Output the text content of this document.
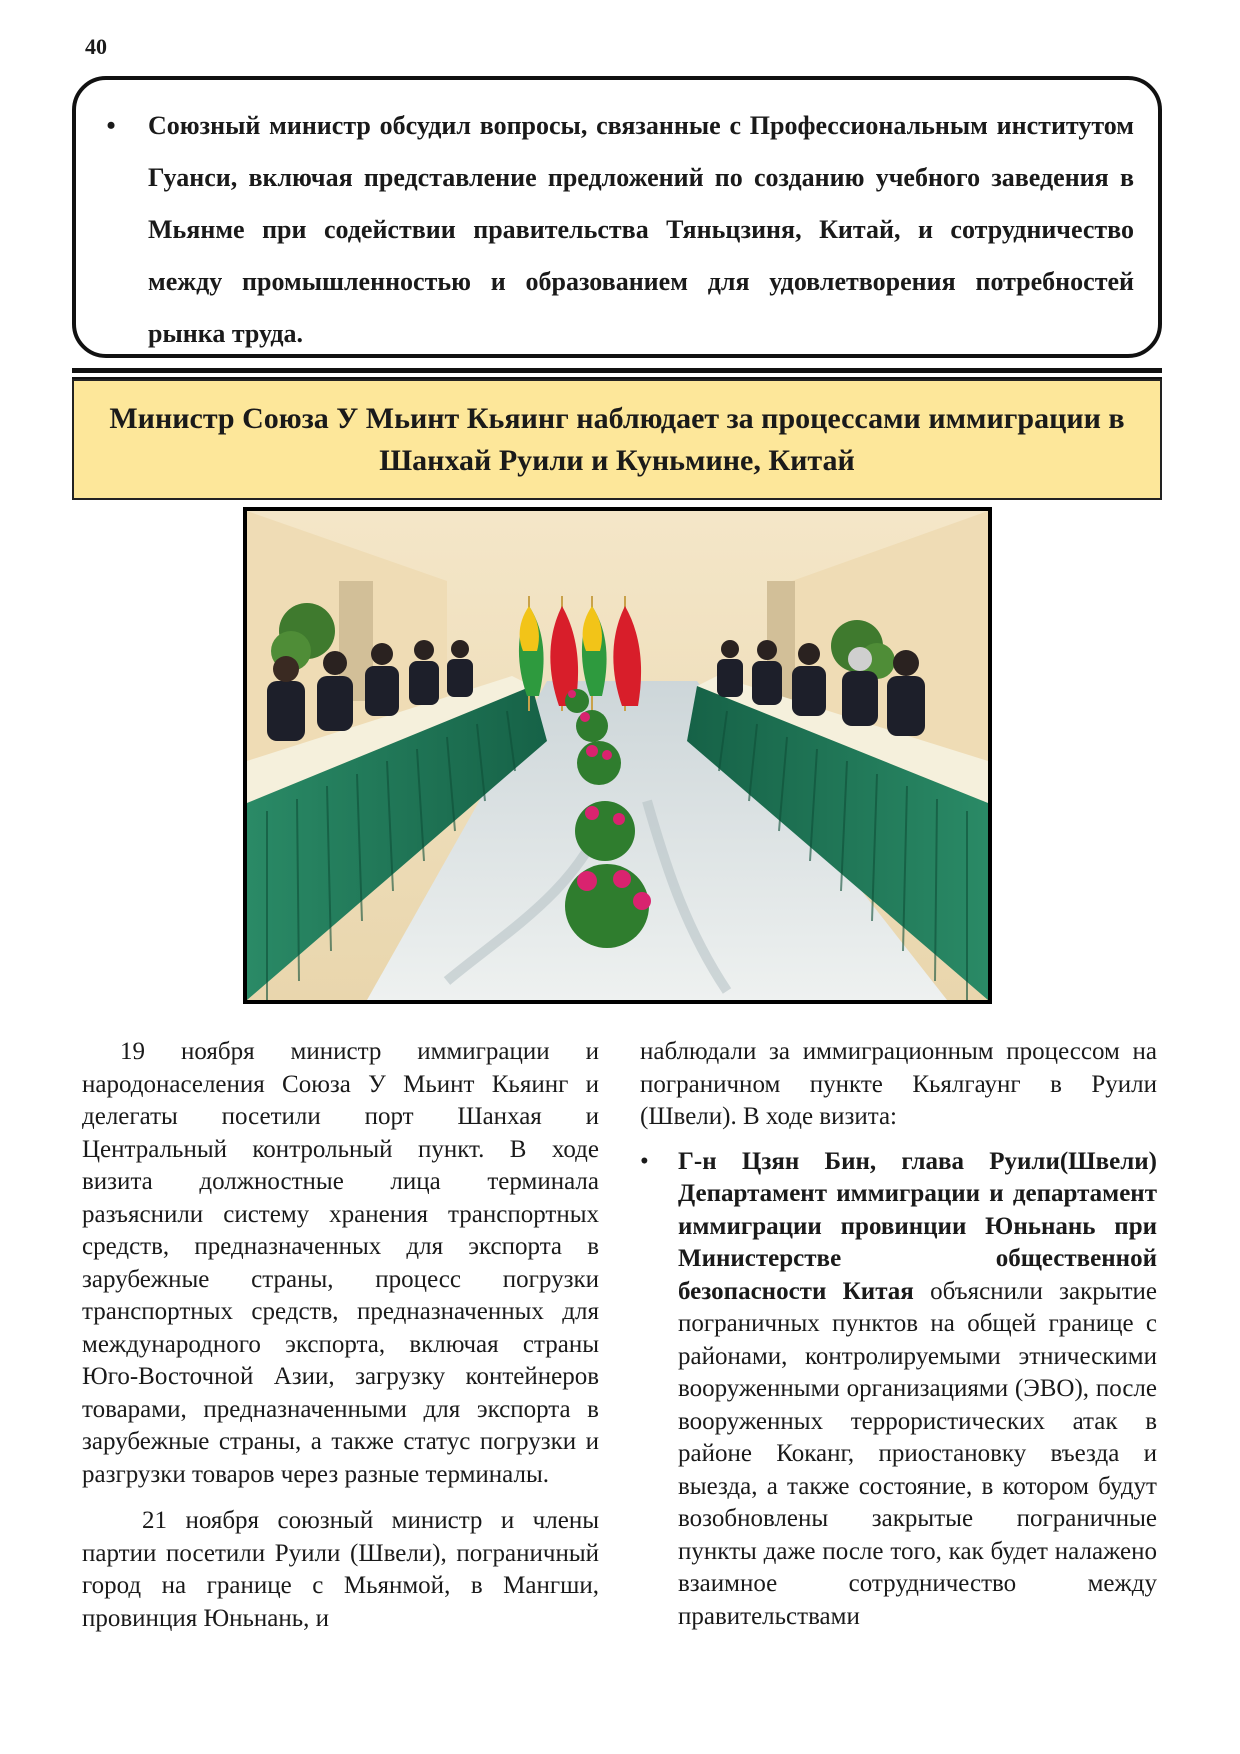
40
•	Союзный министр обсудил вопросы, связанные с Профессиональным институтом Гуанси, включая представление предложений по созданию учебного заведения в Мьянме при содействии правительства Тяньцзиня, Китай, и сотрудничество между промышленностью и образованием для удовлетворения потребностей рынка труда.
Министр Союза У Мьинт Кьяинг наблюдает за процессами иммиграции в
Шанхай Руили и Куньмине, Китай

19 ноября министр иммиграции и народонаселения Союза У Мьинт Кьяинг и делегаты посетили порт Шанхая и Центральный контрольный пункт. В ходе визита должностные лица терминала разъяснили систему хранения транспортных средств, предназначенных для экспорта в зарубежные страны, процесс погрузки транспортных средств, предназначенных для международного экспорта, включая страны Юго-Восточной Азии, загрузку контейнеров товарами, предназначенными для экспорта в зарубежные страны, а также статус погрузки и разгрузки товаров через разные терминалы.

21 ноября союзный министр и члены партии посетили Руили (Швели), пограничный город на границе с Мьянмой, в Мангши, провинция Юньнань, и

наблюдали за иммиграционным процессом на пограничном пункте Кьялгаунг в Руили (Швели). В ходе визита:

• Г-н Цзян Бин, глава Руили(Швели) Департамент иммиграции и департамент иммиграции провинции Юньнань при Министерстве общественной безопасности Китая объяснили закрытие пограничных пунктов на общей границе с районами, контролируемыми этническими вооруженными организациями (ЭВО), после вооруженных террористических атак в районе Коканг, приостановку въезда и выезда, а также состояние, в котором будут возобновлены закрытые пограничные пункты даже после того, как будет налажено взаимное сотрудничество между правительствами
